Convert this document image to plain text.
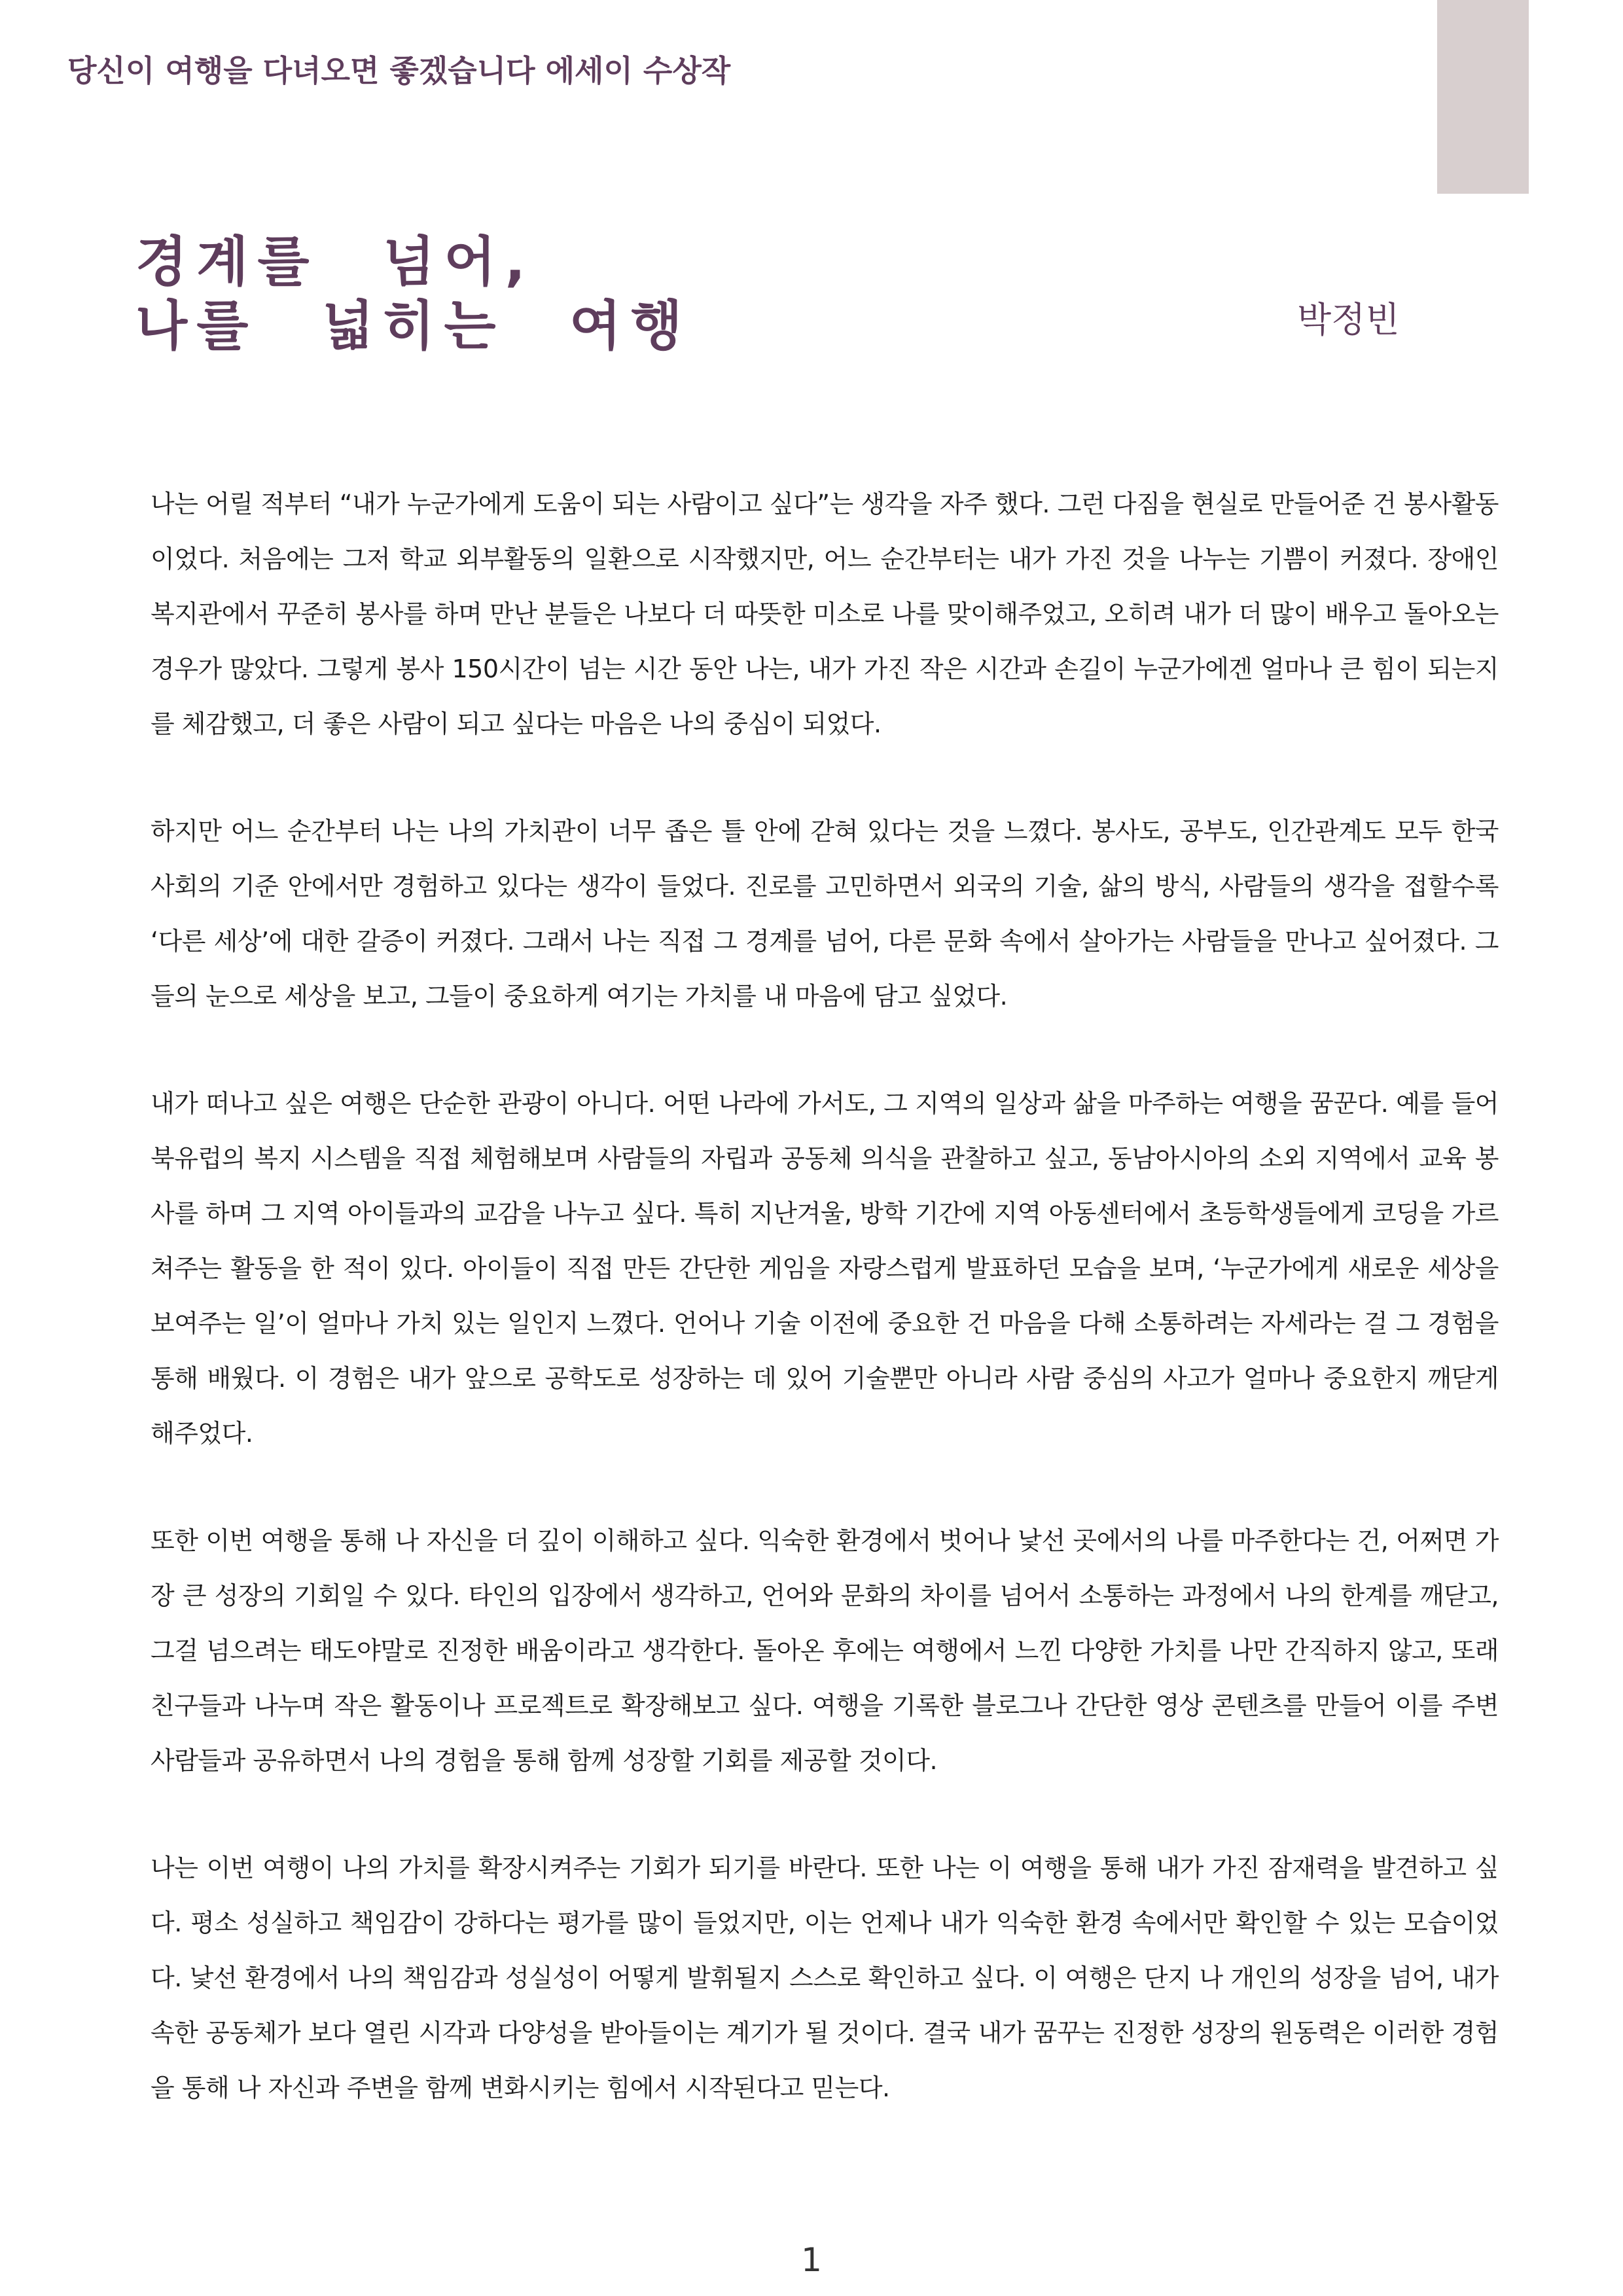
당신이 여행을 다녀오면 좋겠습니다 에세이 수상작
경계를 넘어,
나를 넓히는 여행	박정빈

나는 어릴 적부터 “내가 누군가에게 도움이 되는 사람이고 싶다”는 생각을 자주 했다. 그런 다짐을 현실로 만들어준 건 봉사활동이었다. 처음에는 그저 학교 외부활동의 일환으로 시작했지만, 어느 순간부터는 내가 가진 것을 나누는 기쁨이 커졌다. 장애인 복지관에서 꾸준히 봉사를 하며 만난 분들은 나보다 더 따뜻한 미소로 나를 맞이해주었고, 오히려 내가 더 많이 배우고 돌아오는 경우가 많았다. 그렇게 봉사 150시간이 넘는 시간 동안 나는, 내가 가진 작은 시간과 손길이 누군가에겐 얼마나 큰 힘이 되는지를 체감했고, 더 좋은 사람이 되고 싶다는 마음은 나의 중심이 되었다.

하지만 어느 순간부터 나는 나의 가치관이 너무 좁은 틀 안에 갇혀 있다는 것을 느꼈다. 봉사도, 공부도, 인간관계도 모두 한국 사회의 기준 안에서만 경험하고 있다는 생각이 들었다. 진로를 고민하면서 외국의 기술, 삶의 방식, 사람들의 생각을 접할수록 ‘다른 세상’에 대한 갈증이 커졌다. 그래서 나는 직접 그 경계를 넘어, 다른 문화 속에서 살아가는 사람들을 만나고 싶어졌다. 그들의 눈으로 세상을 보고, 그들이 중요하게 여기는 가치를 내 마음에 담고 싶었다.

내가 떠나고 싶은 여행은 단순한 관광이 아니다. 어떤 나라에 가서도, 그 지역의 일상과 삶을 마주하는 여행을 꿈꾼다. 예를 들어 북유럽의 복지 시스템을 직접 체험해보며 사람들의 자립과 공동체 의식을 관찰하고 싶고, 동남아시아의 소외 지역에서 교육 봉사를 하며 그 지역 아이들과의 교감을 나누고 싶다. 특히 지난겨울, 방학 기간에 지역 아동센터에서 초등학생들에게 코딩을 가르쳐주는 활동을 한 적이 있다. 아이들이 직접 만든 간단한 게임을 자랑스럽게 발표하던 모습을 보며, ‘누군가에게 새로운 세상을 보여주는 일’이 얼마나 가치 있는 일인지 느꼈다. 언어나 기술 이전에 중요한 건 마음을 다해 소통하려는 자세라는 걸 그 경험을 통해 배웠다. 이 경험은 내가 앞으로 공학도로 성장하는 데 있어 기술뿐만 아니라 사람 중심의 사고가 얼마나 중요한지 깨닫게 해주었다.

또한 이번 여행을 통해 나 자신을 더 깊이 이해하고 싶다. 익숙한 환경에서 벗어나 낯선 곳에서의 나를 마주한다는 건, 어쩌면 가장 큰 성장의 기회일 수 있다. 타인의 입장에서 생각하고, 언어와 문화의 차이를 넘어서 소통하는 과정에서 나의 한계를 깨닫고, 그걸 넘으려는 태도야말로 진정한 배움이라고 생각한다. 돌아온 후에는 여행에서 느낀 다양한 가치를 나만 간직하지 않고, 또래 친구들과 나누며 작은 활동이나 프로젝트로 확장해보고 싶다. 여행을 기록한 블로그나 간단한 영상 콘텐츠를 만들어 이를 주변 사람들과 공유하면서 나의 경험을 통해 함께 성장할 기회를 제공할 것이다.

나는 이번 여행이 나의 가치를 확장시켜주는 기회가 되기를 바란다. 또한 나는 이 여행을 통해 내가 가진 잠재력을 발견하고 싶다. 평소 성실하고 책임감이 강하다는 평가를 많이 들었지만, 이는 언제나 내가 익숙한 환경 속에서만 확인할 수 있는 모습이었다. 낯선 환경에서 나의 책임감과 성실성이 어떻게 발휘될지 스스로 확인하고 싶다. 이 여행은 단지 나 개인의 성장을 넘어, 내가 속한 공동체가 보다 열린 시각과 다양성을 받아들이는 계기가 될 것이다. 결국 내가 꿈꾸는 진정한 성장의 원동력은 이러한 경험을 통해 나 자신과 주변을 함께 변화시키는 힘에서 시작된다고 믿는다.

1
